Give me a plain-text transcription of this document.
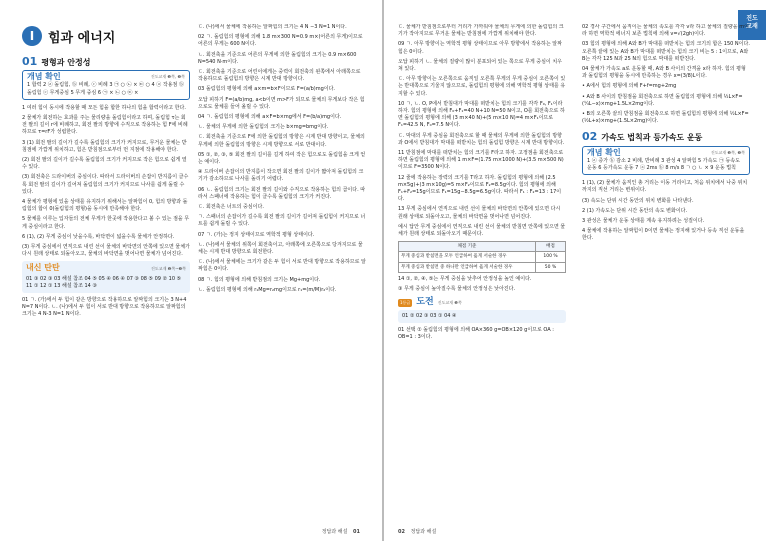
I	힘과 에너지
01 평형과 안정성
개념 확인	진도교재 ❶쪽, ❷쪽
1 합력 2 ⓐ 돌림힘, ⓑ 비례, ⓒ 비례 3 ㉠ ○ ㉡ × ㉢ ○ 4 ⓐ 작용점 ⓑ 돌림힘 ⓒ 무게중심 5 무게 중심 6 ㉠ × ㉡ ○ ㉢ ×

1 여러 힘이 동시에 작용할 때 모든 힘을 합한 하나의 힘을 합력이라고 한다.

2 물체가 회전하는 효과를 주는 물리량을 돌림힘이라고 하며, 돌림힘 τ는 회전 팔의 길이 r에 비례하고, 회전 팔의 방향에 수직으로 작용하는 힘 F에 비례하므로 τ=rF가 성립한다.

3 (1) 회전 팔의 길이가 길수록 돌림힘의 크기가 커지므로, 무거운 물체는 받침점에 가깝게 위치하고, 힘은 받침점으로부터 먼 지점에 작용해야 한다.

(2) 회전 팔의 길이가 길수록 돌림힘의 크기가 커지므로 작은 힘으로 쉽게 열 수 있다.

(3) 회전축은 드라이버의 중심이다. 따라서 드라이버의 손잡이 반지름이 클수록 회전 팔의 길이가 길어져 돌림힘의 크기가 커지므로 나사를 쉽게 돌릴 수 있다.

4 물체가 평형에 있을 상태를 유지하기 위해서는 알짜힘이 0, 힘의 방향과 돌림힘의 합이 0(돌림힘의 평형)을 동시에 만족해야 한다.

5 물체를 이루는 입자들의 전체 무게가 한곳에 작용한다고 볼 수 있는 점을 무게 중심이라고 한다.

6 (1), (2) 무게 중심이 낮을수록, 바닥면이 넓을수록 물체가 안정하다.

(3) 무게 중심에서 연직으로 내린 선이 물체의 바닥면의 안쪽에 있으면 물체가 다시 원래 상태로 되돌아오고, 물체의 바닥면을 벗어나면 물체가 넘어진다.

내신 탄탄	진도교재 ❶쪽~❷쪽
01 ③ 02 ③ 03 해설 참조 04 ⑤ 05 ④ 06 ④ 07 ③ 08 ⑤ 09 ② 10 ⑤ 11 ① 12 ① 13 해설 참조 14 ③

01 ㄱ. (가)에서 두 힘이 같은 방향으로 작용하므로 알짜힘의 크기는 3 N+4 N=7 N이다. ㄴ. (나)에서 두 힘이 서로 반대 방향으로 작용하므로 알짜힘의 크기는 4 N-3 N=1 N이다.

ㄷ. (나)에서 물체에 작용하는 알짜힘의 크기는 4 N −3 N=1 N이다.

02 ㄱ. 돌림힘의 평형에 의해 1.8 m×300 N=0.9 m×(어른의 무게)이므로 어른의 무게는 600 N이다.

ㄴ. 회전축을 기준으로 어른의 무게에 의한 돌림힘의 크기는 0.9 m×600 N=540 N·m이다.

ㄷ. 회전축을 기준으로 어린이에게는 중력이 회전축의 왼쪽에서 아래쪽으로 작용하므로 돌림힘의 방향은 시계 반대 방향이다.

03 돌림힘의 평형에 의해 a×m=b×F이므로 F=(a/b)mg이다.

오답 피하기 F=(a/b)mg, a<b이면 m>F가 되므로 물체의 무게보다 작은 힘으로도 물체를 들어 올릴 수 있다.

04 ㄱ. 돌림힘의 평형에 의해 a×F=b×mg에서 F=(b/a)mg이다.

ㄴ. 물체의 무게에 의한 돌림힘의 크기는 b×mg=bmg이다.

ㄷ. 회전축을 기준으로 F에 의한 돌림힘의 방향은 시계 반대 방향이고, 물체의 무게에 의한 돌림힘의 방향은 시계 방향으로 서로 반대이다.

05 ①, ②, ③, ⑤ 회전 팔의 길이를 길게 하여 작은 힘으로도 돌림힘을 크게 얻는 예이다.

④ 드라이버 손잡이의 반지름이 작으면 회전 팔의 길이가 짧아져 돌림힘의 크기가 감소하므로 나사를 돌리기 어렵다.

06 ㄴ. 돌림힘의 크기는 회전 팔의 길이와 수직으로 작용하는 힘의 곱이다. 따라서 스패너에 작용하는 힘이 클수록 돌림힘의 크기가 커진다.

ㄷ. 회전축은 너트의 중심이다.

ㄱ. 스패너의 손잡이가 길수록 회전 팔의 길이가 길어져 돌림힘이 커지므로 너트를 쉽게 돌릴 수 있다.

07 ㄱ. (가)는 정지 상태이므로 역학적 평형 상태이다.

ㄴ. (나)에서 물체의 위쪽이 회전축이고, 아래쪽에 오른쪽으로 당겨지므로 물체는 시계 반대 방향으로 회전한다.

ㄷ. (나)에서 물체에는 크기가 같은 두 힘이 서로 반대 방향으로 작용하므로 알짜힘은 0이다.

08 ㄱ. 힘의 평형에 의해 받침점의 크기는 Mg+mg이다.

ㄴ. 돌림힘의 평형에 의해 r₁Mg=r₂mg이므로 r₁=(m/M)r₂이다.

정답과 해설 01
진도
교재

ㄷ. 물체가 받침점으로부터 거리가 가까워야 물체의 무게에 의한 돌림힘의 크기가 작아지므로 무거운 물체는 받침점에 가깝게 위치해야 한다.

09 ㄱ. 아무 방향이는 역학적 평형 상태이므로 아무 방향에서 작용하는 알짜힘은 0이다.

오답 피하기 ㄴ. 물체의 질량이 많이 분포되어 있는 쪽으로 무게 중심이 치우쳐 있다.

ㄷ. 아무 방향이는 오른쪽으로 움직일 오른쪽 무게의 무게 중심이 오른쪽이 있는 반대쪽으로 기울지 않으므로, 돌림힘의 평형에 의해 역학적 평형 상태를 유지할 수 있다.

10 ㄱ, ㄴ. O, P에서 받침대가 막대를 떠받치는 힘의 크기를 각각 F₀, F₁이라 하자. 힘의 평형에 의해 F₀+F₁=40 N+10 N=50 N이고, O를 회전축으로 하면 돌림힘의 평형에 의해 (3 m×40 N)+(5 m×10 N)=4 m×F₁이므로 F₁=42.5 N, F₀=7.5 N이다.

ㄷ. 막대의 무게 중심을 회전축으로 할 때 물체의 무게에 의한 돌림힘의 방향과 O에서 받침대가 막대를 떠받치는 힘의 돌림힘 방향은 시계 반대 방향이다.

11 받침점에 막대를 떠받치는 힘의 크기를 F라고 하자. 고정점을 회전축으로 하면 돌림힘의 평형에 의해 1 m×F=(1.75 m×1000 N)+(3.5 m×500 N)이므로 F=3500 N이다.

12 줄에 작용하는 장력의 크기를 T라고 하자. 돌림힘의 평형에 의해 (2.5 m×5g)+(3 m×10g)=5 m×F₂이므로 F₂=8.5g이다. 힘의 평형에 의해 F₁+F₂=15g이므로 F₁=15g−8.5g=6.5g이다. 따라서 F₁ : F₂=13 : 17이다.

13 무게 중심에서 연직으로 내린 선이 물체의 바닥면의 안쪽에 있으면 다시 원래 상태로 되돌아오고, 물체의 바닥면을 벗어나면 넘어진다.

예시 답안 무게 중심에서 연직으로 내린 선이 물체의 받침면 안쪽에 있으면 물체가 원래 상태로 되돌아오기 때문이다.

채점 기준	배점
무게 중심과 받침면을 모두 언급하여 옳게 서술한 경우	100 %
무게 중심과 받침면 중 하나만 언급하여 옳게 서술한 경우	50 %

14 ①, ②, ④, ⑤는 무게 중심을 낮추어 안정성을 높인 예이다.

③ 무게 중심이 높아질수록 물체의 안정성은 낮아진다.

1등급 도전 진도교재 ❶쪽
01 ② 02 ③ 03 ① 04 ④

01 선택 ① 돌림힘의 평형에 의해 OA×360 g=OB×120 g이므로 OA : OB=1 : 3이다.

02 경사 구간에서 움직이는 물체의 속도를 각각 v라 하고 물체의 질량을 m이라 하면 역학적 에너지 보존 법칙에 의해 v=√(2gh)이다.

03 힘의 평형에 의해 A와 B가 막대를 떠받치는 힘의 크기의 합은 150 N이다. 오른쪽 끝에 있는 A와 B가 막대를 떠받치는 힘의 크기 비는 5 : 1이므로, A와 B는 각각 125 N과 25 N의 힘으로 막대를 떠받친다.

04 물체가 가속도 a로 운동할 때, A와 B 사이의 간격을 x라 하자. 힘의 평형과 돌림힘의 평형을 동시에 만족하는 경우 x=(3/8)L이다.

• A에서 힘의 평형에 의해 F+f=mg+2mg

• A와 B 사이의 받침점을 회전축으로 하면 돌림힘의 평형에 의해 ½L×F=(¼L−x)×mg+1.5L×2mg이다.

• B의 오른쪽 끝의 받침점을 회전축으로 하면 돌림힘의 평형에 의해 ½L×F=(½L+x)×mg+(1.5L×2mg)이다.

02 가속도 법칙과 등가속도 운동
개념 확인	진도교재 ❶쪽, ❷쪽
1 ⓐ 증가 ⓑ 감소 2 비례, 반비례 3 관성 4 알짜힘 5 가속도 ㉠ 등속도 운동 6 등가속도 운동 7 ⓐ 2ms ⓑ 8 m/s 8 ㄱ ○ ㄴ × 9 운동 법칙

1 (1), (2) 물체가 움직인 총 거리는 이동 거리이고, 처음 위치에서 나중 위치까지의 직선 거리는 변위이다.

(3) 속도는 단위 시간 동안의 위치 변화를 나타낸다.

2 (1) 가속도는 단위 시간 동안의 속도 변화이다.

3 관성은 물체가 운동 상태를 계속 유지하려는 성질이다.

4 물체에 작용하는 알짜힘이 0이면 물체는 정지해 있거나 등속 직선 운동을 한다.

02 정답과 해설
